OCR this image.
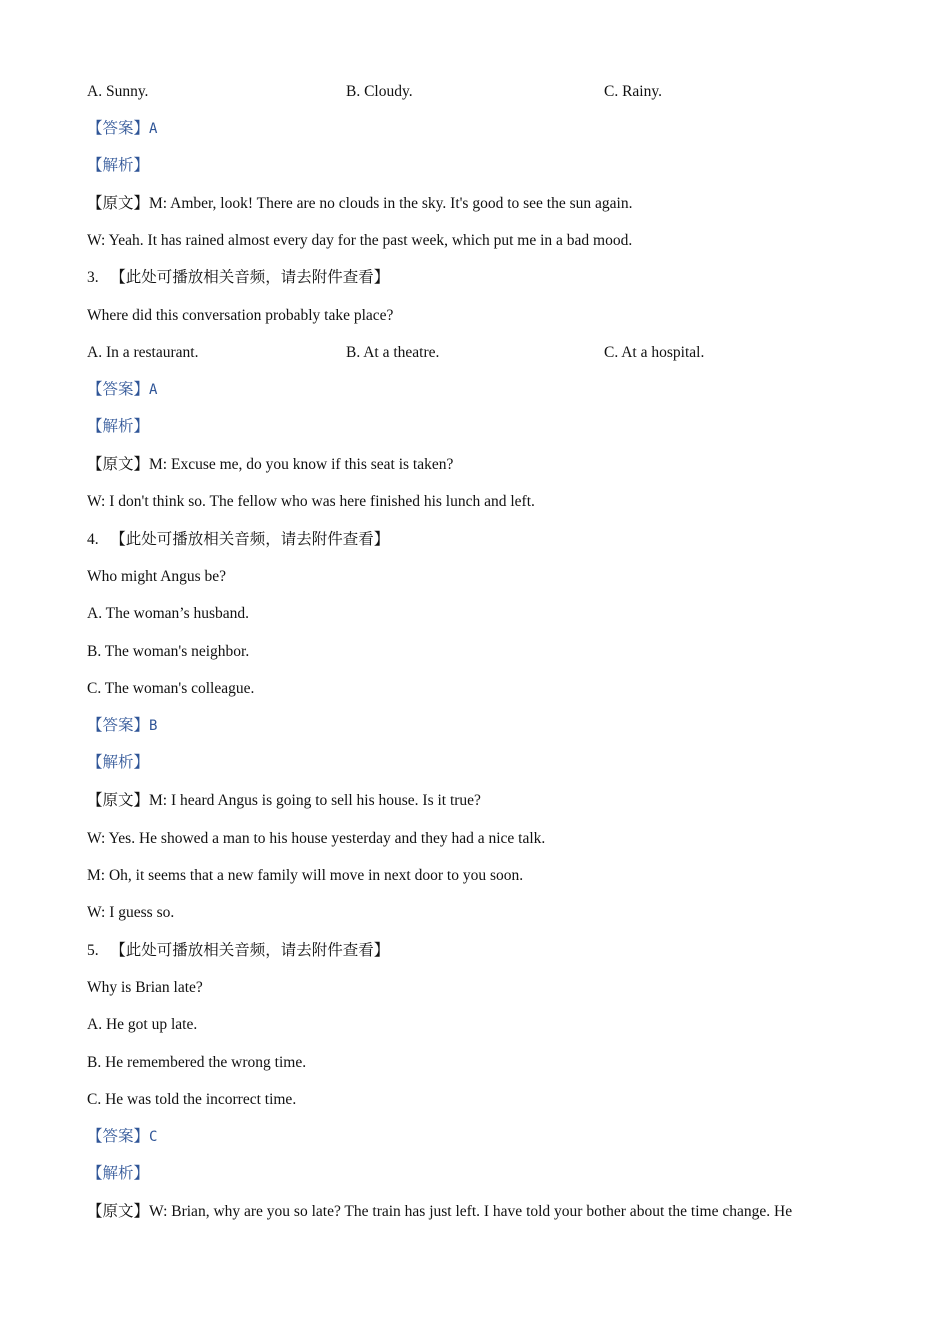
A. Sunny.	B. Cloudy.	C. Rainy.
【答案】A
【解析】
【原文】M: Amber, look! There are no clouds in the sky. It's good to see the sun again.
W: Yeah. It has rained almost every day for the past week, which put me in a bad mood.
3. 【此处可播放相关音频，请去附件查看】
Where did this conversation probably take place?
A. In a restaurant.	B. At a theatre.	C. At a hospital.
【答案】A
【解析】
【原文】M: Excuse me, do you know if this seat is taken?
W: I don't think so. The fellow who was here finished his lunch and left.
4. 【此处可播放相关音频，请去附件查看】
Who might Angus be?
A. The woman’s husband.
B. The woman's neighbor.
C. The woman's colleague.
【答案】B
【解析】
【原文】M: I heard Angus is going to sell his house. Is it true?
W: Yes. He showed a man to his house yesterday and they had a nice talk.
M: Oh, it seems that a new family will move in next door to you soon.
W: I guess so.
5. 【此处可播放相关音频，请去附件查看】
Why is Brian late?
A. He got up late.
B. He remembered the wrong time.
C. He was told the incorrect time.
【答案】C
【解析】
【原文】W: Brian, why are you so late? The train has just left. I have told your bother about the time change. He
